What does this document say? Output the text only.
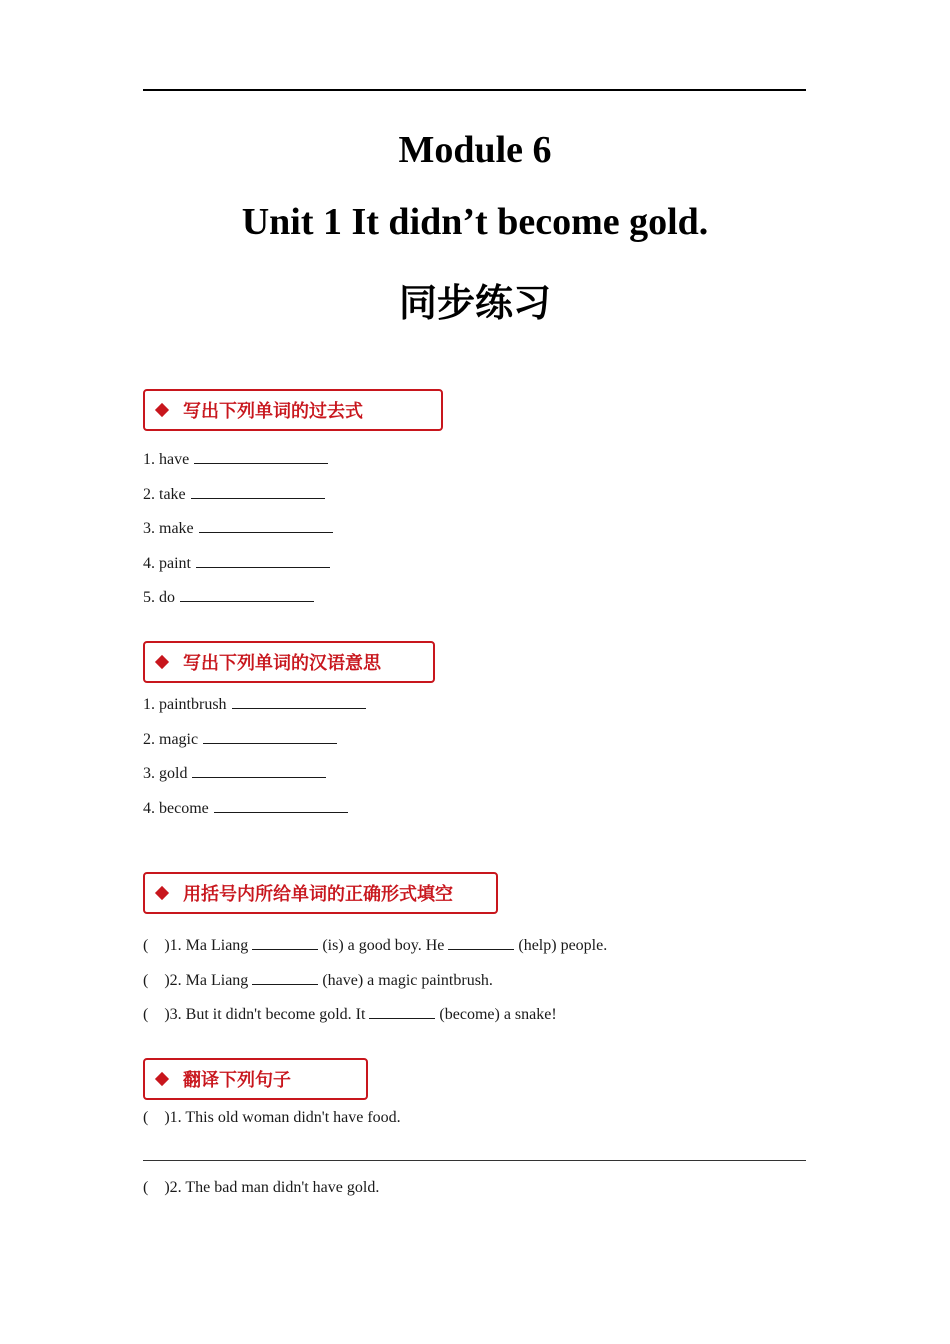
Module 6
Unit 1 It didn’t become gold.
同步练习
写出下列单词的过去式
1. have
2. take
3. make
4. paint
5. do
写出下列单词的汉语意思
1. paintbrush
2. magic
3. gold
4. become
用括号内所给单词的正确形式填空
(    )1. Ma Liang	(is) a good boy. He	(help) people.
(    )2. Ma Liang	(have) a magic paintbrush.
(    )3. But it didn't become gold. It	(become) a snake!
翻译下列句子
(    )1. This old woman didn't have food.
(    )2. The bad man didn't have gold.
